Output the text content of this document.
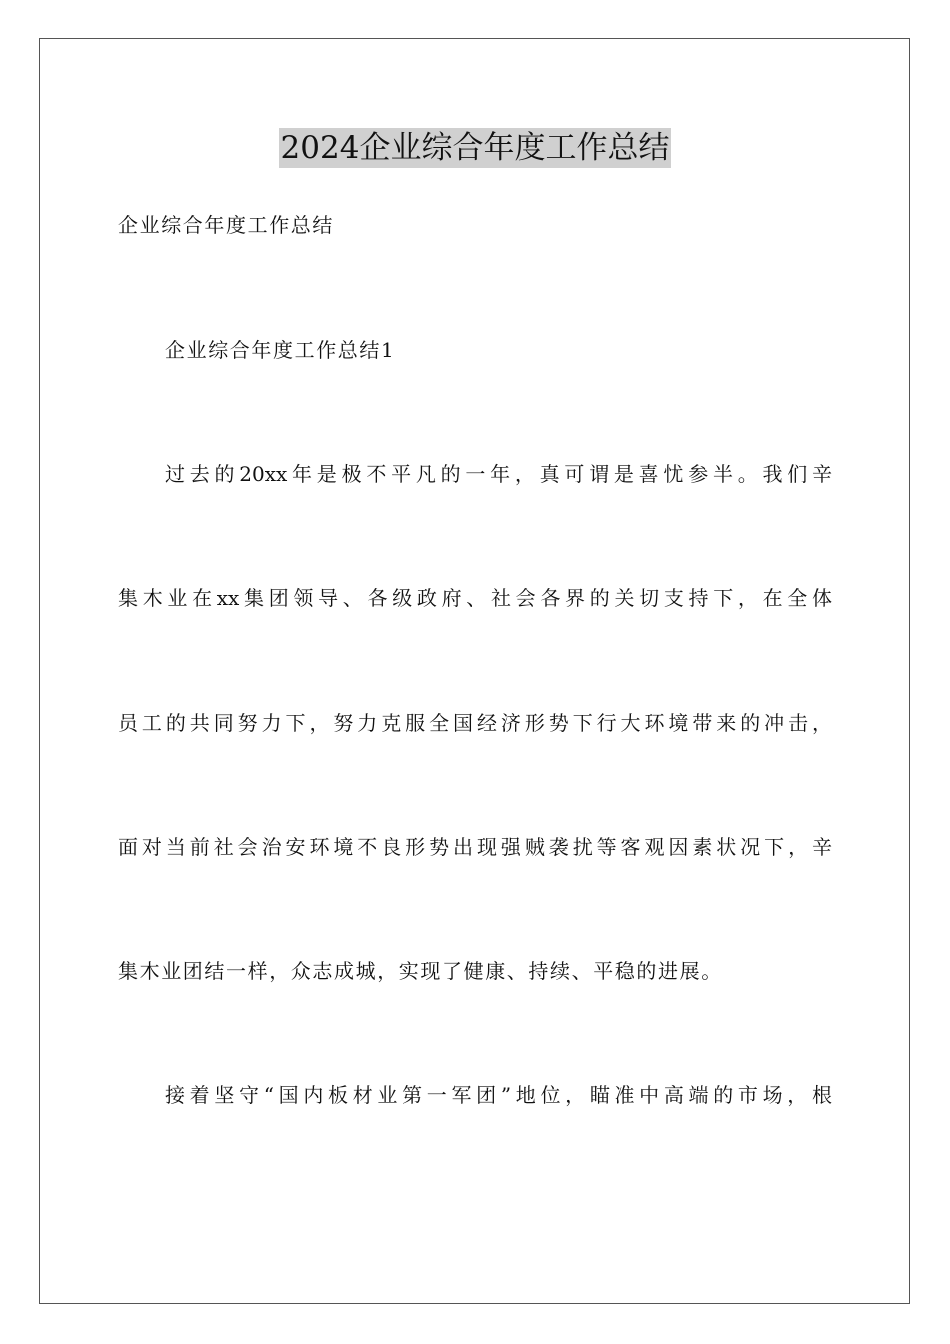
2024企业综合年度工作总结

企业综合年度工作总结

企业综合年度工作总结1

过去的20xx年是极不平凡的一年，真可谓是喜忧参半。我们辛

集木业在xx集团领导、各级政府、社会各界的关切支持下，在全体

员工的共同努力下，努力克服全国经济形势下行大环境带来的冲击，

面对当前社会治安环境不良形势出现强贼袭扰等客观因素状况下，辛

集木业团结一样，众志成城，实现了健康、持续、平稳的进展。

接着坚守“国内板材业第一军团”地位，瞄准中高端的市场，根
